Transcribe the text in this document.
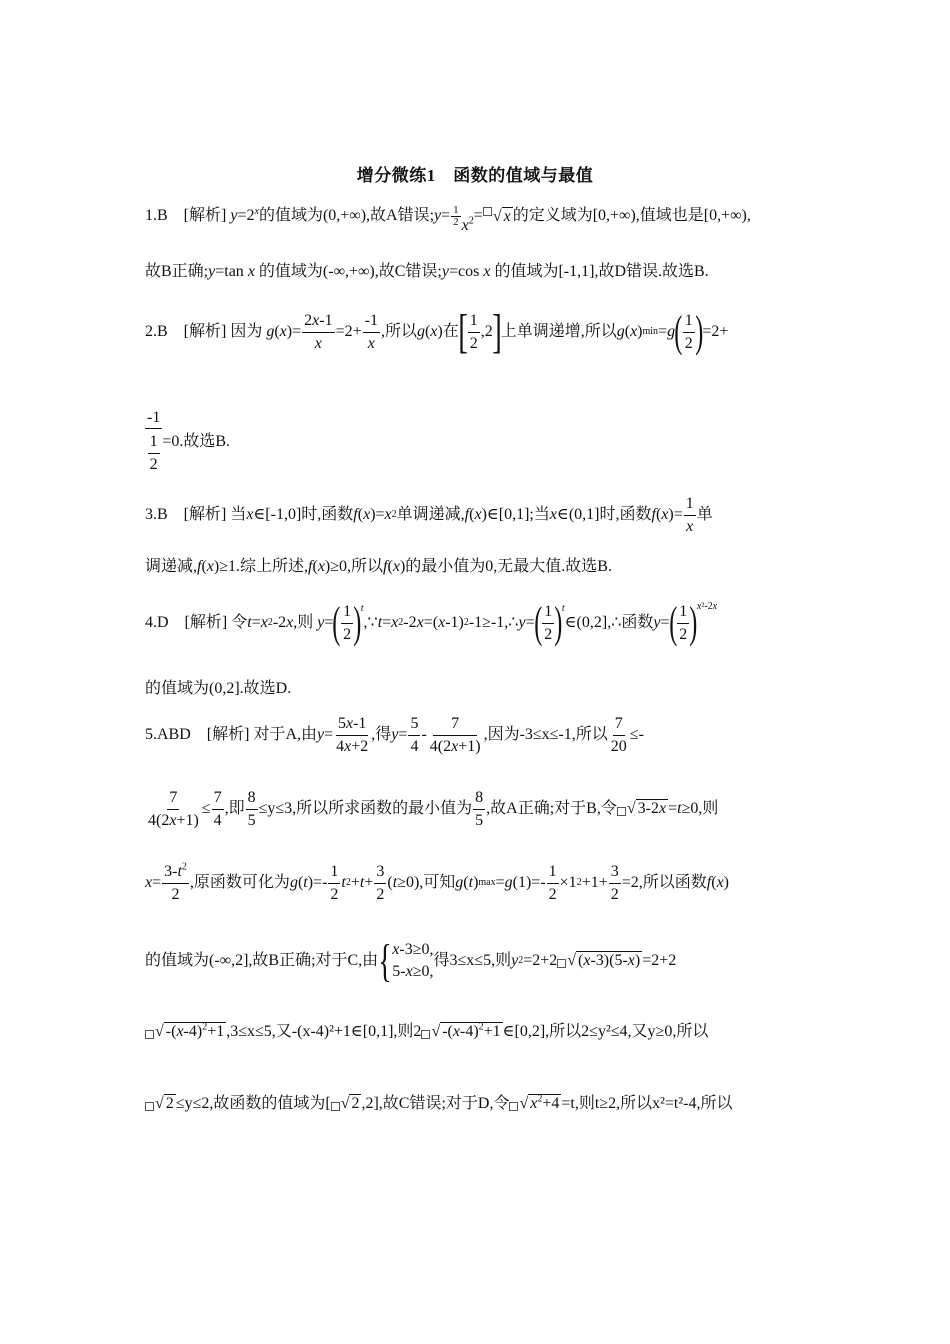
增分微练1　函数的值域与最值
1.B　[解析] $y=2^x$的值域为(0,+∞),故A错误;y= $\frac{1}{2} x^2=$ √ x 的定义域为[0,+∞),值域也是[0,+∞),
故B正确;y=tan x 的值域为(-∞,+∞),故C错误;y=cos x 的值域为[-1,1],故D错误.故选B.
2.B　[解析] 因为
g ( x )= $\frac{2x-1}{x} =2+ \frac{-1}{x}$ ,所以 g ( x )在 [ $\frac{1}{2} ,2$ ] 上单调递增,所以 g ( x ) min = g ( $\frac{1}{2}$ ) =2+
$\frac{-1}{\frac{1}{2}} =0$.故选B.
3.B　[解析] 当 x ∈[-1,0] 时,函数 f ( x )= x 2 单调递减, f ( x )∈[0,1]; 当 x ∈(0,1] 时,函数 f ( x )= $\frac{1}{x}$ 单
调递减,f(x)≥1.综上所述,f(x)≥0,所以f(x)的最小值为0,无最大值.故选B.
4.D　[解析] 令 t = x 2 -2 x ,则
y = ( $\frac{1}{2}$ ) $^t$
,∵ t = x 2 -2 x =( x -1) 2 -1≥-1,∴ y = ( $\frac{1}{2}$ ) $^t$
∈(0,2],∴ 函数 y = ( $\frac{1}{2}$ ) $^{x^2-2x}$
的值域为(0,2].故选D.
5.ABD　[解析] 对于A,由 $y = \frac{5x-1}{4x+2}$ ,得 $y = \frac{5}{4} - \frac{7}{4(2x+1)}$ ,因为-3≤x≤-1,所以 $\frac{7}{20}$ ≤-
$\frac{7}{4(2x+1)} \le \frac{7}{4}$ ,即 $\frac{8}{5} \le y\le 3$,所以所求函数的最小值为 $\frac{8}{5}$ ,故A正确;对于B,令 √ 3-2x = t ≥0,则
$x = \frac{3-t^2}{2}$ ,原函数可化为 g ( t )=- $\frac{1}{2}$ t $2 + t + \frac{3}{2}$ ( t ≥0) ,可知 g ( t ) max = g $(1)=- \frac{1}{2} \times 1$ $2 +1+ \frac{3}{2} =2$ ,所以函数 f ( x )
的值域为(-∞,2],故B正确;对于C,由 { x-3≥0,
5-x≥0,
得3≤x≤5,则 y 2 =2+2 √ (x-3)(5-x) =2+2
√ $-(x-4)^2+1$ ,3≤x≤5,又-(x-4)²+1∈[0,1],则2 √ $-(x-4)^2+1$ ∈[0,2],所以2≤y²≤4,又y≥0,所以
√ 2 ≤y≤2,故函数的值域为[ √ 2 ,2],故C错误;对于D,令 √ $x^2+4 =t$,则t≥2,所以x²=t²-4,所以
